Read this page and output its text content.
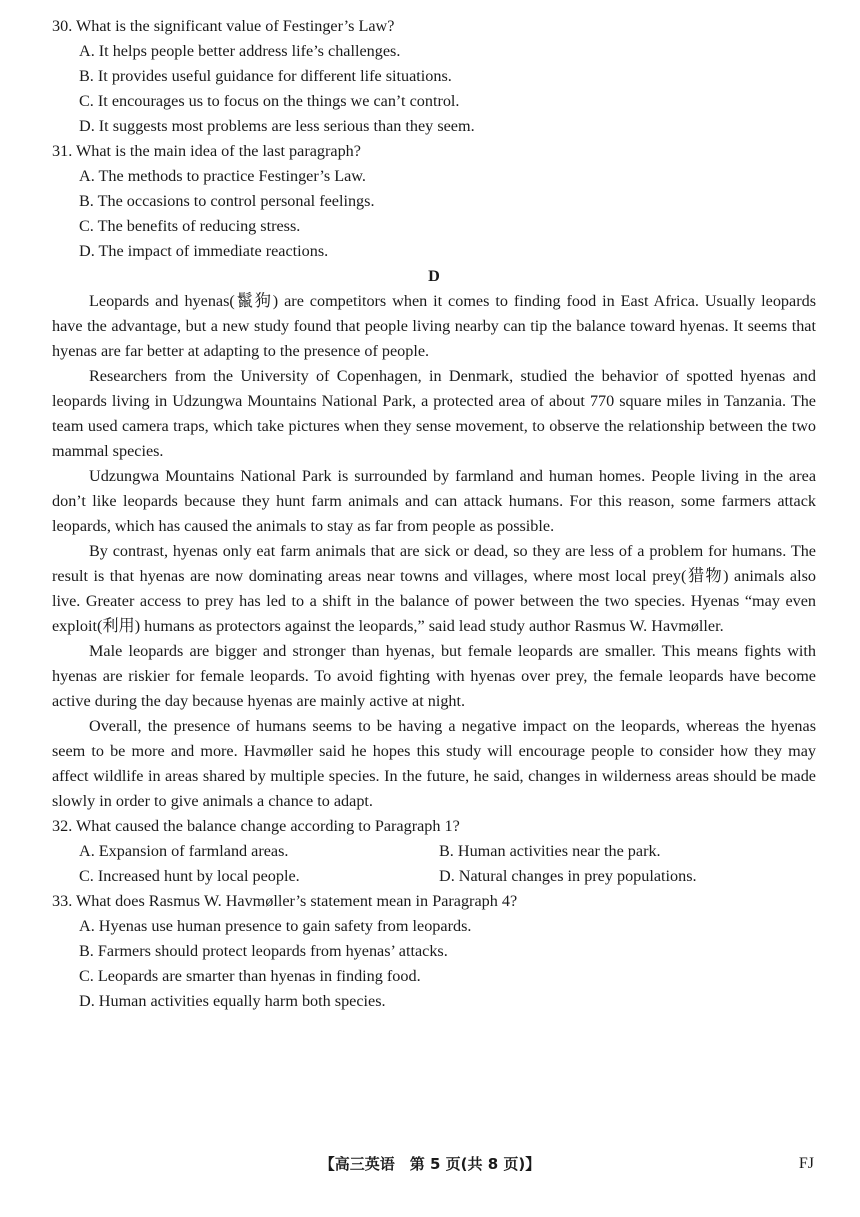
30. What is the significant value of Festinger’s Law?
A. It helps people better address life’s challenges.
B. It provides useful guidance for different life situations.
C. It encourages us to focus on the things we can’t control.
D. It suggests most problems are less serious than they seem.
31. What is the main idea of the last paragraph?
A. The methods to practice Festinger’s Law.
B. The occasions to control personal feelings.
C. The benefits of reducing stress.
D. The impact of immediate reactions.
D

Leopards and hyenas(鬣狗) are competitors when it comes to finding food in East Africa. Usually leopards have the advantage, but a new study found that people living nearby can tip the balance toward hyenas. It seems that hyenas are far better at adapting to the presence of people.

Researchers from the University of Copenhagen, in Denmark, studied the behavior of spotted hyenas and leopards living in Udzungwa Mountains National Park, a protected area of about 770 square miles in Tanzania. The team used camera traps, which take pictures when they sense movement, to observe the relationship between the two mammal species.

Udzungwa Mountains National Park is surrounded by farmland and human homes. People living in the area don’t like leopards because they hunt farm animals and can attack humans. For this reason, some farmers attack leopards, which has caused the animals to stay as far from people as possible.

By contrast, hyenas only eat farm animals that are sick or dead, so they are less of a problem for humans. The result is that hyenas are now dominating areas near towns and villages, where most local prey(猎物) animals also live. Greater access to prey has led to a shift in the balance of power between the two species. Hyenas “may even exploit(利用) humans as protectors against the leopards,” said lead study author Rasmus W. Havmøller.

Male leopards are bigger and stronger than hyenas, but female leopards are smaller. This means fights with hyenas are riskier for female leopards. To avoid fighting with hyenas over prey, the female leopards have become active during the day because hyenas are mainly active at night.

Overall, the presence of humans seems to be having a negative impact on the leopards, whereas the hyenas seem to be more and more. Havmøller said he hopes this study will encourage people to consider how they may affect wildlife in areas shared by multiple species. In the future, he said, changes in wilderness areas should be made slowly in order to give animals a chance to adapt.

32. What caused the balance change according to Paragraph 1?
A. Expansion of farmland areas.	B. Human activities near the park.
C. Increased hunt by local people.	D. Natural changes in prey populations.
33. What does Rasmus W. Havmøller’s statement mean in Paragraph 4?
A. Hyenas use human presence to gain safety from leopards.
B. Farmers should protect leopards from hyenas’ attacks.
C. Leopards are smarter than hyenas in finding food.
D. Human activities equally harm both species.
【高三英语　第 5 页(共 8 页)】	FJ
